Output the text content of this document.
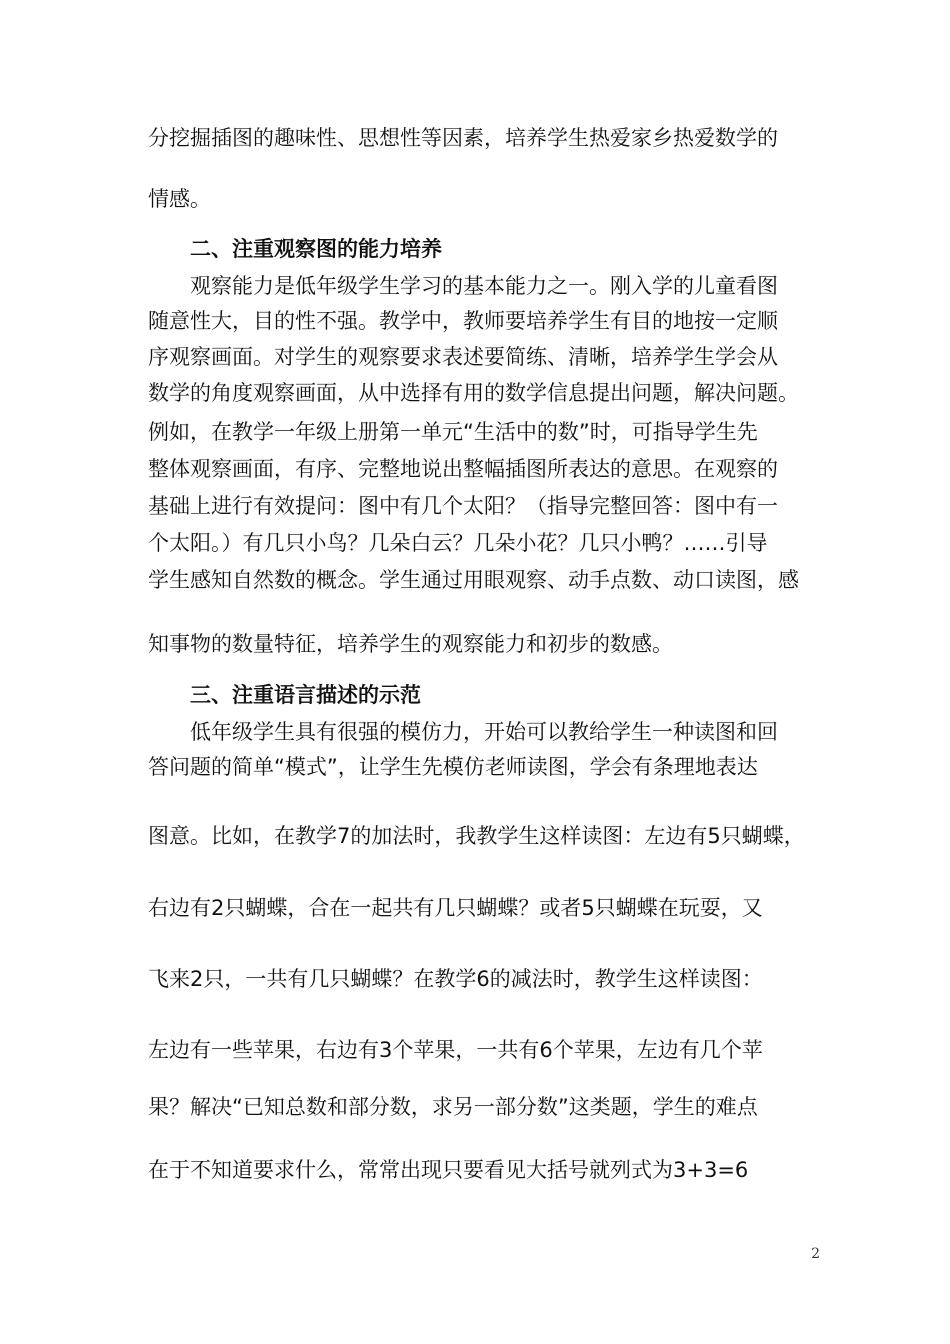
分挖掘插图的趣味性、思想性等因素，培养学生热爱家乡热爱数学的

情感。

二、注重观察图的能力培养

观察能力是低年级学生学习的基本能力之一。刚入学的儿童看图

随意性大，目的性不强。教学中，教师要培养学生有目的地按一定顺

序观察画面。对学生的观察要求表述要简练、清晰，培养学生学会从

数学的角度观察画面，从中选择有用的数学信息提出问题，解决问题。

例如，在教学一年级上册第一单元“生活中的数”时，可指导学生先

整体观察画面，有序、完整地说出整幅插图所表达的意思。在观察的

基础上进行有效提问：图中有几个太阳？（指导完整回答：图中有一

个太阳。）有几只小鸟？几朵白云？几朵小花？几只小鸭？……引导

学生感知自然数的概念。学生通过用眼观察、动手点数、动口读图，感

知事物的数量特征，培养学生的观察能力和初步的数感。

三、注重语言描述的示范

低年级学生具有很强的模仿力，开始可以教给学生一种读图和回

答问题的简单“模式”，让学生先模仿老师读图，学会有条理地表达

图意。比如，在教学7的加法时，我教学生这样读图：左边有5只蝴蝶，

右边有2只蝴蝶，合在一起共有几只蝴蝶？或者5只蝴蝶在玩耍，又

飞来2只，一共有几只蝴蝶？在教学6的减法时，教学生这样读图：

左边有一些苹果，右边有3个苹果，一共有6个苹果，左边有几个苹

果？解决“已知总数和部分数，求另一部分数”这类题，学生的难点

在于不知道要求什么，常常出现只要看见大括号就列式为3+3=6

2
